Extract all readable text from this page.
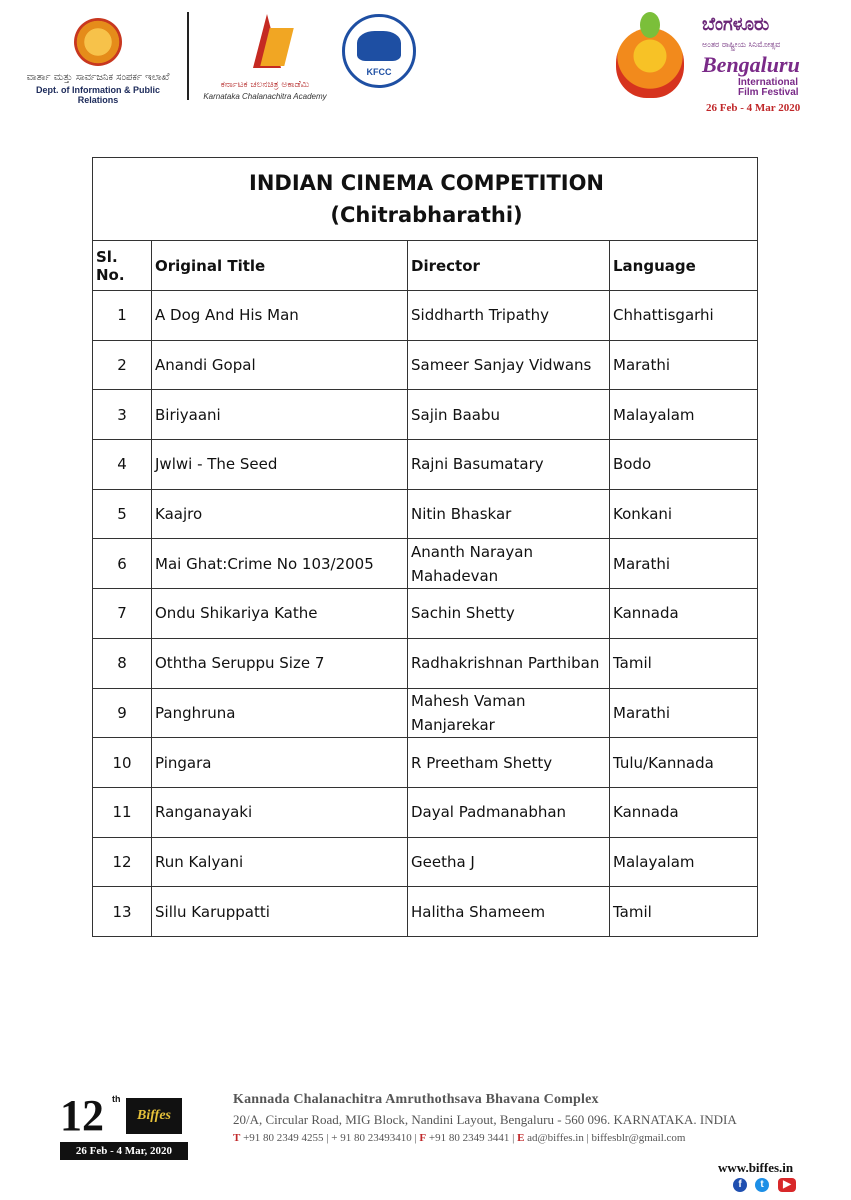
ವಾರ್ತಾ ಮತ್ತು ಸಾರ್ವಜನಿಕ ಸಂಪರ್ಕ ಇಲಾಖೆ
Dept. of Information & Public Relations
ಕರ್ನಾಟಕ ಚಲನಚಿತ್ರ ಅಕಾಡೆಮಿ
Karnataka Chalanachitra Academy
KFCC
ಬೆಂಗಳೂರು
ಅಂತರ ರಾಷ್ಟ್ರೀಯ ಸಿನಿಮೋತ್ಸವ
Bengaluru
International Film Festival
26 Feb - 4 Mar 2020
INDIAN CINEMA COMPETITION
(Chitrabharathi)			

Sl. No.	Original Title	Director	Language
1	A Dog And His Man	Siddharth Tripathy	Chhattisgarhi
2	Anandi Gopal	Sameer Sanjay Vidwans	Marathi
3	Biriyaani	Sajin Baabu	Malayalam
4	Jwlwi - The Seed	Rajni Basumatary	Bodo
5	Kaajro	Nitin Bhaskar	Konkani
6	Mai Ghat:Crime No 103/2005	Ananth Narayan Mahadevan	Marathi
7	Ondu Shikariya Kathe	Sachin Shetty	Kannada
8	Oththa Seruppu Size 7	Radhakrishnan Parthiban	Tamil
9	Panghruna	Mahesh Vaman Manjarekar	Marathi
10	Pingara	R Preetham Shetty	Tulu/Kannada
11	Ranganayaki	Dayal Padmanabhan	Kannada
12	Run Kalyani	Geetha J	Malayalam
13	Sillu Karuppatti	Halitha Shameem	Tamil
12 th
Biffes
26 Feb - 4 Mar, 2020
Kannada Chalanachitra Amruthothsava Bhavana Complex
20/A, Circular Road, MIG Block, Nandini Layout, Bengaluru - 560 096. KARNATAKA. INDIA
T +91 80 2349 4255 | + 91 80 23493410 | F +91 80 2349 3441 | E ad@biffes.in | biffesblr@gmail.com
www.biffes.in
f	t	▶
